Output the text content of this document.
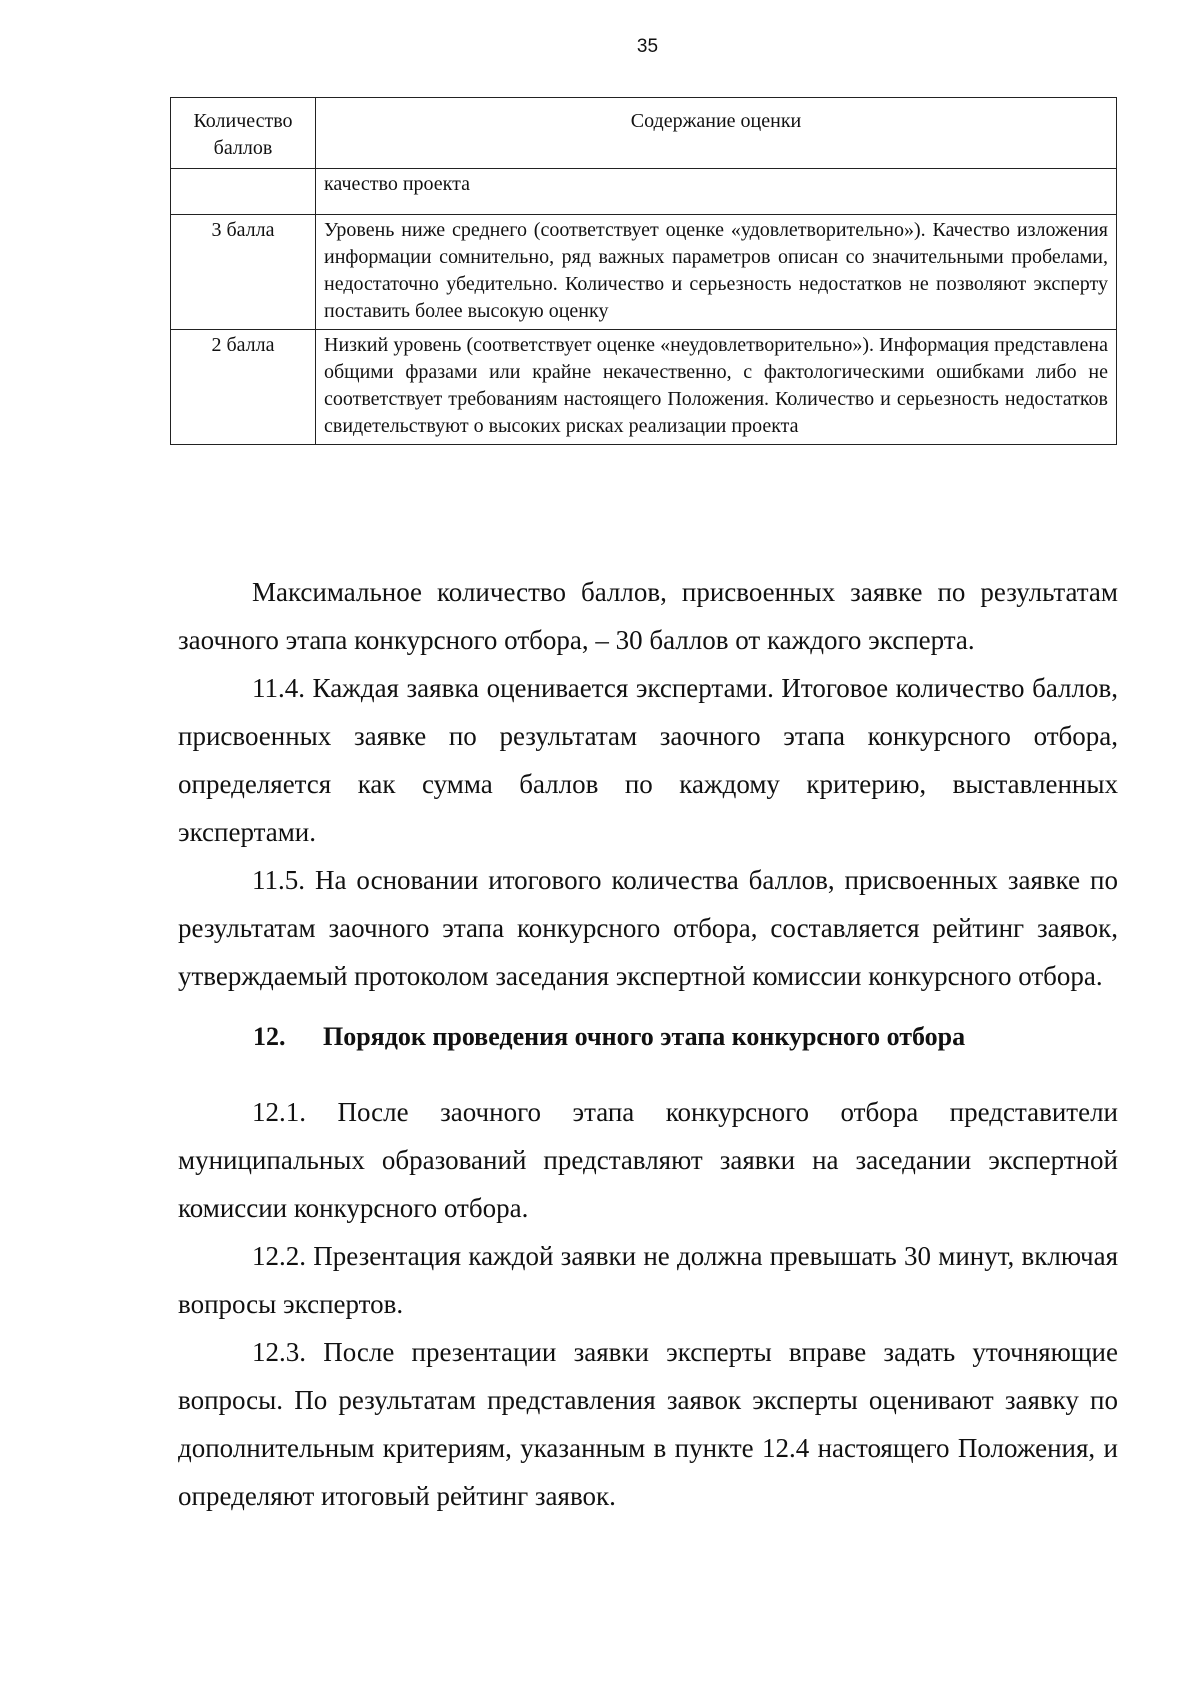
35
Количество баллов	Содержание оценки
	качество проекта
3 балла	Уровень ниже среднего (соответствует оценке «удовлетворительно»). Качество изложения информации сомнительно, ряд важных параметров описан со значительными пробелами, недостаточно убедительно. Количество и серьезность недостатков не позволяют эксперту поставить более высокую оценку
2 балла	Низкий уровень (соответствует оценке «неудовлетворительно»). Информация представлена общими фразами или крайне некачественно, с фактологическими ошибками либо не соответствует требованиям настоящего Положения. Количество и серьезность недостатков свидетельствуют о высоких рисках реализации проекта

Максимальное количество баллов, присвоенных заявке по результатам заочного этапа конкурсного отбора, – 30 баллов от каждого эксперта.

11.4. Каждая заявка оценивается экспертами. Итоговое количество баллов, присвоенных заявке по результатам заочного этапа конкурсного отбора, определяется как сумма баллов по каждому критерию, выставленных экспертами.

11.5. На основании итогового количества баллов, присвоенных заявке по результатам заочного этапа конкурсного отбора, составляется рейтинг заявок, утверждаемый протоколом заседания экспертной комиссии конкурсного отбора.

12. Порядок проведения очного этапа конкурсного отбора

12.1. После заочного этапа конкурсного отбора представители муниципальных образований представляют заявки на заседании экспертной комиссии конкурсного отбора.

12.2. Презентация каждой заявки не должна превышать 30 минут, включая вопросы экспертов.

12.3. После презентации заявки эксперты вправе задать уточняющие вопросы. По результатам представления заявок эксперты оценивают заявку по дополнительным критериям, указанным в пункте 12.4 настоящего Положения, и определяют итоговый рейтинг заявок.
